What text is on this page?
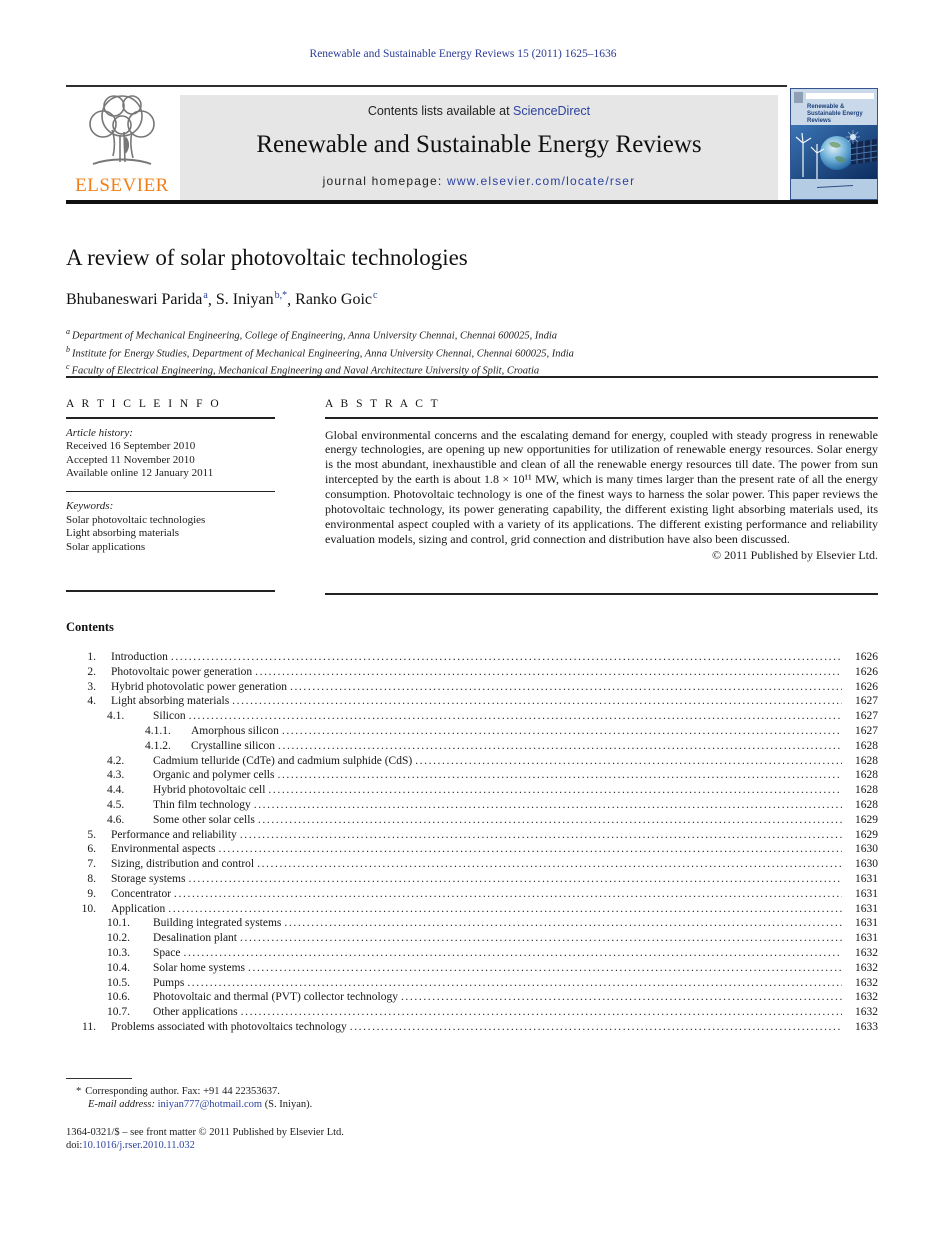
Renewable and Sustainable Energy Reviews 15 (2011) 1625–1636
ELSEVIER
Contents lists available at ScienceDirect
Renewable and Sustainable Energy Reviews
journal homepage: www.elsevier.com/locate/rser
Renewable & Sustainable Energy Reviews
A review of solar photovoltaic technologies
Bhubaneswari Parida$^a$, S. Iniyan$^{b,*}$, Ranko Goic$^c$
$^a$ Department of Mechanical Engineering, College of Engineering, Anna University Chennai, Chennai 600025, India
$^b$ Institute for Energy Studies, Department of Mechanical Engineering, Anna University Chennai, Chennai 600025, India
$^c$ Faculty of Electrical Engineering, Mechanical Engineering and Naval Architecture University of Split, Croatia
A R T I C L E I N F O
Article history:
Received 16 September 2010
Accepted 11 November 2010
Available online 12 January 2011
Keywords:
Solar photovoltaic technologies
Light absorbing materials
Solar applications
A B S T R A C T
Global environmental concerns and the escalating demand for energy, coupled with steady progress in renewable energy technologies, are opening up new opportunities for utilization of renewable energy resources. Solar energy is the most abundant, inexhaustible and clean of all the renewable energy resources till date. The power from sun intercepted by the earth is about 1.8 × 10¹¹ MW, which is many times larger than the present rate of all the energy consumption. Photovoltaic technology is one of the finest ways to harness the solar power. This paper reviews the photovoltaic technology, its power generating capability, the different existing light absorbing materials used, its environmental aspect coupled with a variety of its applications. The different existing performance and reliability evaluation models, sizing and control, grid connection and distribution have also been discussed.
© 2011 Published by Elsevier Ltd.
Contents
1. Introduction .....	1626
2. Photovoltaic power generation .....	1626
3. Hybrid photovolatic power generation .....	1626
4. Light absorbing materials .....	1627
4.1.	Silicon .....	1627
4.1.1.	Amorphous silicon .....	1627
4.1.2.	Crystalline silicon .....	1628
4.2.	Cadmium telluride (CdTe) and cadmium sulphide (CdS) .....	1628
4.3.	Organic and polymer cells .....	1628
4.4.	Hybrid photovoltaic cell .....	1628
4.5.	Thin film technology .....	1628
4.6.	Some other solar cells .....	1629
5. Performance and reliability .....	1629
6. Environmental aspects .....	1630
7. Sizing, distribution and control .....	1630
8. Storage systems .....	1631
9. Concentrator .....	1631
10. Application .....	1631
10.1.	Building integrated systems .....	1631
10.2.	Desalination plant .....	1631
10.3.	Space .....	1632
10.4.	Solar home systems .....	1632
10.5.	Pumps .....	1632
10.6.	Photovoltaic and thermal (PVT) collector technology .....	1632
10.7.	Other applications .....	1632
11. Problems associated with photovoltaics technology .....	1633
* Corresponding author. Fax: +91 44 22353637.
E-mail address: iniyan777@hotmail.com (S. Iniyan).
1364-0321/$ – see front matter © 2011 Published by Elsevier Ltd.
doi:10.1016/j.rser.2010.11.032
